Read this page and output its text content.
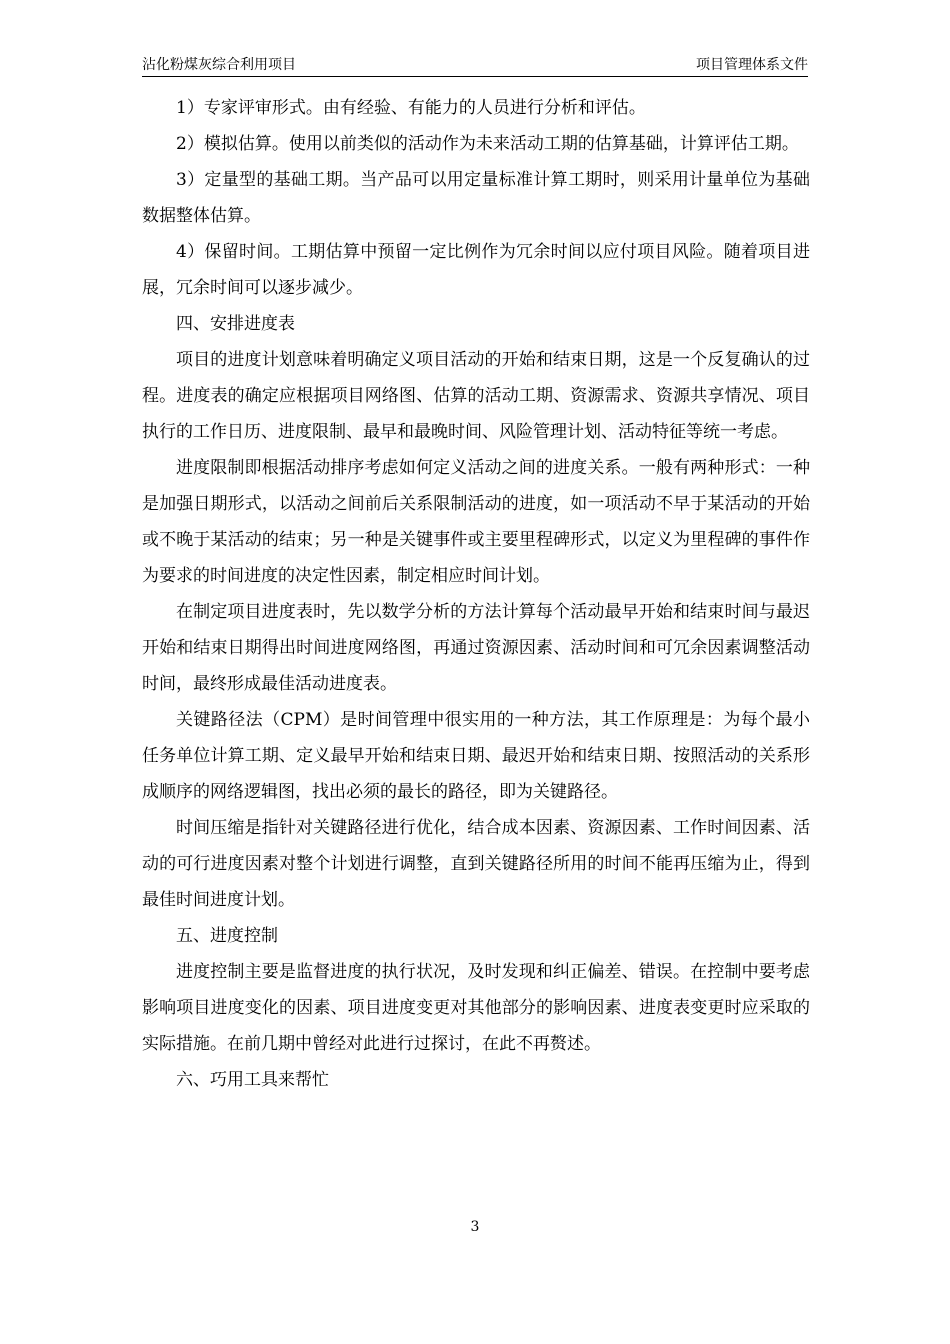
沾化粉煤灰综合利用项目	项目管理体系文件

1）专家评审形式。由有经验、有能力的人员进行分析和评估。

2）模拟估算。使用以前类似的活动作为未来活动工期的估算基础，计算评估工期。

3）定量型的基础工期。当产品可以用定量标准计算工期时，则采用计量单位为基础数据整体估算。

4）保留时间。工期估算中预留一定比例作为冗余时间以应付项目风险。随着项目进展，冗余时间可以逐步减少。

四、安排进度表

项目的进度计划意味着明确定义项目活动的开始和结束日期，这是一个反复确认的过程。进度表的确定应根据项目网络图、估算的活动工期、资源需求、资源共享情况、项目执行的工作日历、进度限制、最早和最晚时间、风险管理计划、活动特征等统一考虑。

进度限制即根据活动排序考虑如何定义活动之间的进度关系。一般有两种形式：一种是加强日期形式，以活动之间前后关系限制活动的进度，如一项活动不早于某活动的开始或不晚于某活动的结束；另一种是关键事件或主要里程碑形式，以定义为里程碑的事件作为要求的时间进度的决定性因素，制定相应时间计划。

在制定项目进度表时，先以数学分析的方法计算每个活动最早开始和结束时间与最迟开始和结束日期得出时间进度网络图，再通过资源因素、活动时间和可冗余因素调整活动时间，最终形成最佳活动进度表。

关键路径法（CPM）是时间管理中很实用的一种方法，其工作原理是：为每个最小任务单位计算工期、定义最早开始和结束日期、最迟开始和结束日期、按照活动的关系形成顺序的网络逻辑图，找出必须的最长的路径，即为关键路径。

时间压缩是指针对关键路径进行优化，结合成本因素、资源因素、工作时间因素、活动的可行进度因素对整个计划进行调整，直到关键路径所用的时间不能再压缩为止，得到最佳时间进度计划。

五、进度控制

进度控制主要是监督进度的执行状况，及时发现和纠正偏差、错误。在控制中要考虑影响项目进度变化的因素、项目进度变更对其他部分的影响因素、进度表变更时应采取的实际措施。在前几期中曾经对此进行过探讨，在此不再赘述。

六、巧用工具来帮忙

3
